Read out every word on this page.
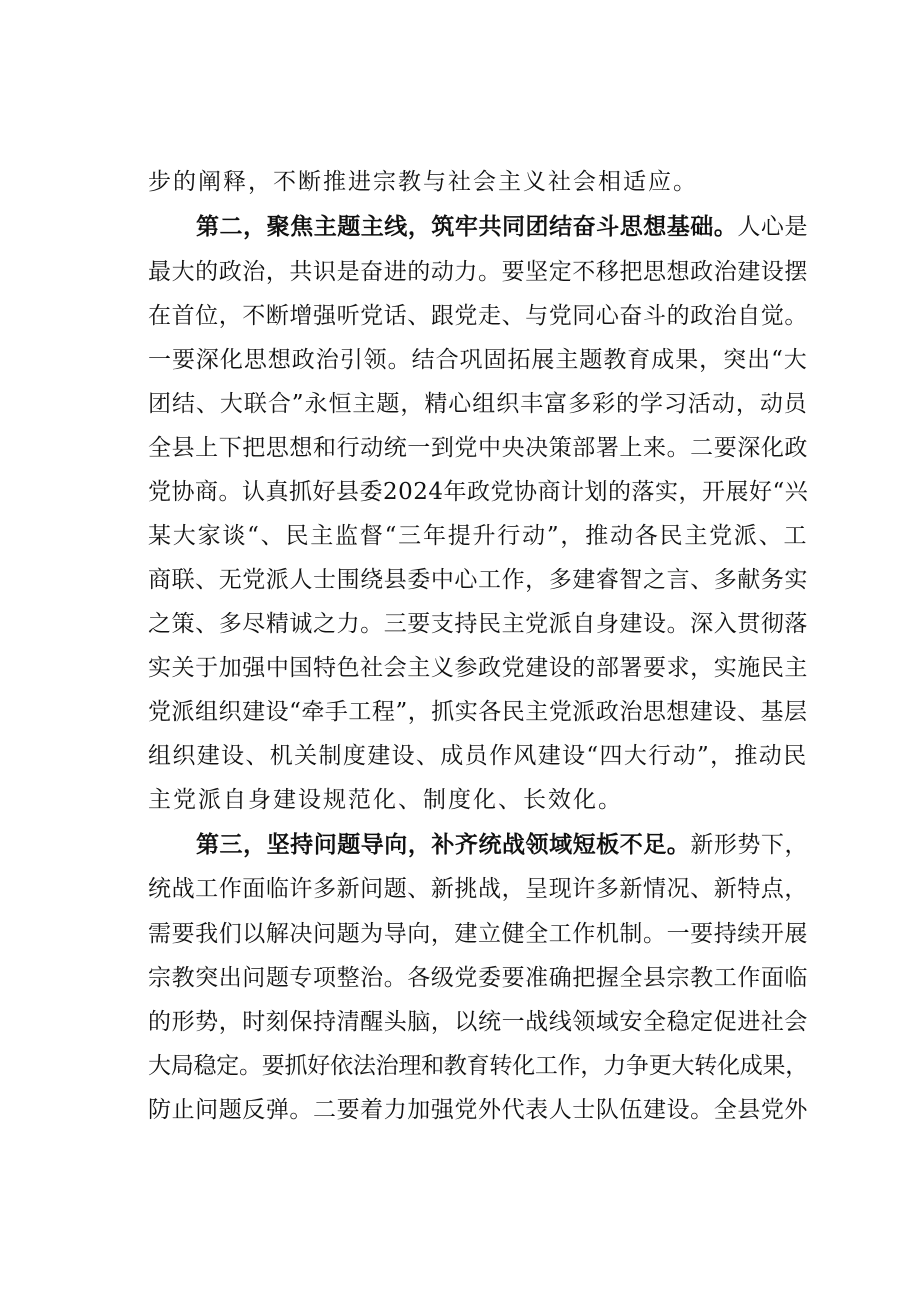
步的阐释，不断推进宗教与社会主义社会相适应。
第二，聚焦主题主线，筑牢共同团结奋斗思想基础。人心是
最大的政治，共识是奋进的动力。要坚定不移把思想政治建设摆
在首位，不断增强听党话、跟党走、与党同心奋斗的政治自觉。
一要深化思想政治引领。结合巩固拓展主题教育成果，突出“大
团结、大联合”永恒主题，精心组织丰富多彩的学习活动，动员
全县上下把思想和行动统一到党中央决策部署上来。二要深化政
党协商。认真抓好县委2024年政党协商计划的落实，开展好“兴
某大家谈“、民主监督“三年提升行动”，推动各民主党派、工
商联、无党派人士围绕县委中心工作，多建睿智之言、多献务实
之策、多尽精诚之力。三要支持民主党派自身建设。深入贯彻落
实关于加强中国特色社会主义参政党建设的部署要求，实施民主
党派组织建设“牵手工程”，抓实各民主党派政治思想建设、基层
组织建设、机关制度建设、成员作风建设“四大行动”，推动民
主党派自身建设规范化、制度化、长效化。
第三，坚持问题导向，补齐统战领域短板不足。新形势下，
统战工作面临许多新问题、新挑战，呈现许多新情况、新特点，
需要我们以解决问题为导向，建立健全工作机制。一要持续开展
宗教突出问题专项整治。各级党委要准确把握全县宗教工作面临
的形势，时刻保持清醒头脑，以统一战线领域安全稳定促进社会
大局稳定。要抓好依法治理和教育转化工作，力争更大转化成果，
防止问题反弹。二要着力加强党外代表人士队伍建设。全县党外
